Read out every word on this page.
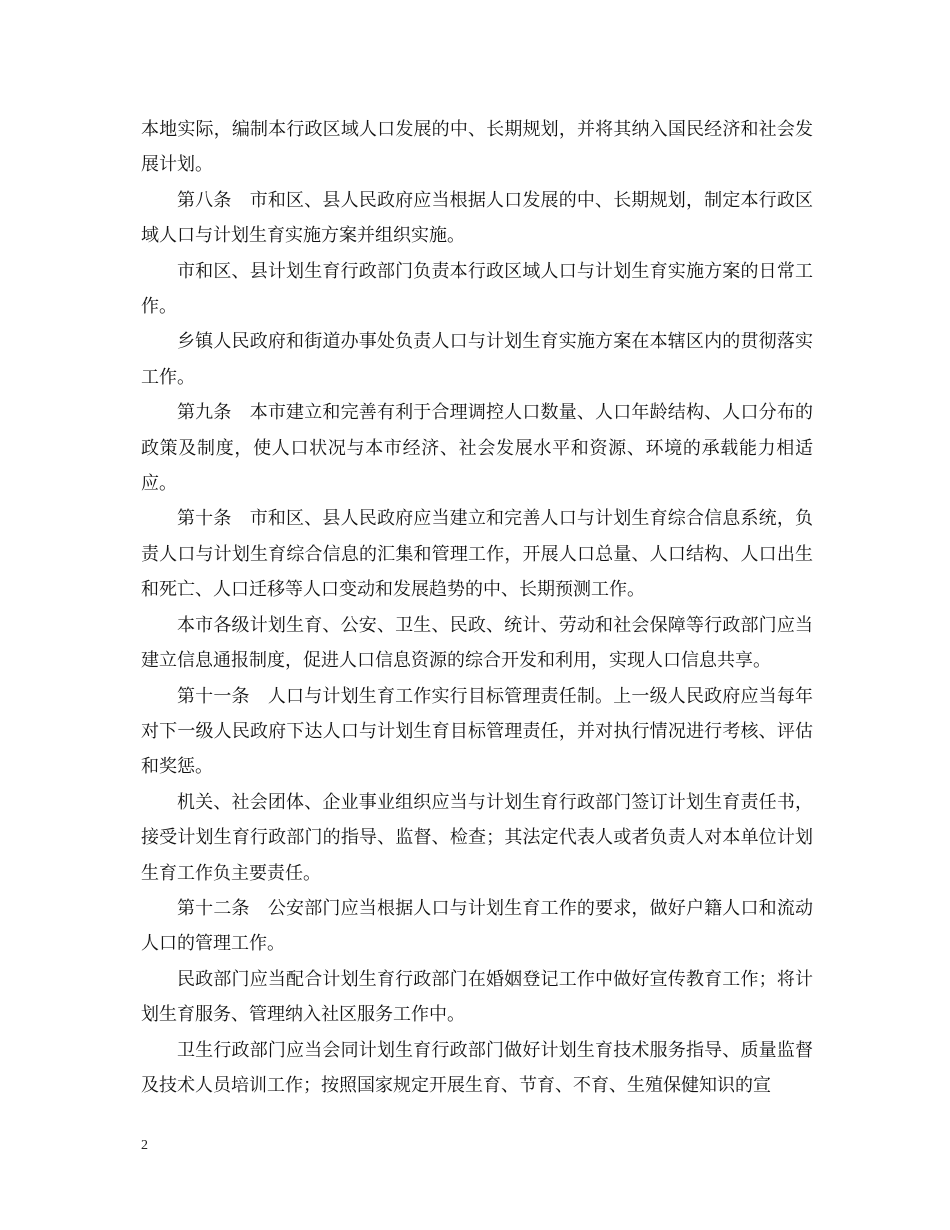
本地实际，编制本行政区域人口发展的中、长期规划，并将其纳入国民经济和社会发展计划。

第八条　市和区、县人民政府应当根据人口发展的中、长期规划，制定本行政区域人口与计划生育实施方案并组织实施。

市和区、县计划生育行政部门负责本行政区域人口与计划生育实施方案的日常工作。

乡镇人民政府和街道办事处负责人口与计划生育实施方案在本辖区内的贯彻落实工作。

第九条　本市建立和完善有利于合理调控人口数量、人口年龄结构、人口分布的政策及制度，使人口状况与本市经济、社会发展水平和资源、环境的承载能力相适应。

第十条　市和区、县人民政府应当建立和完善人口与计划生育综合信息系统，负责人口与计划生育综合信息的汇集和管理工作，开展人口总量、人口结构、人口出生和死亡、人口迁移等人口变动和发展趋势的中、长期预测工作。

本市各级计划生育、公安、卫生、民政、统计、劳动和社会保障等行政部门应当建立信息通报制度，促进人口信息资源的综合开发和利用，实现人口信息共享。

第十一条　人口与计划生育工作实行目标管理责任制。上一级人民政府应当每年对下一级人民政府下达人口与计划生育目标管理责任，并对执行情况进行考核、评估和奖惩。

机关、社会团体、企业事业组织应当与计划生育行政部门签订计划生育责任书，接受计划生育行政部门的指导、监督、检查；其法定代表人或者负责人对本单位计划生育工作负主要责任。

第十二条　公安部门应当根据人口与计划生育工作的要求，做好户籍人口和流动人口的管理工作。

民政部门应当配合计划生育行政部门在婚姻登记工作中做好宣传教育工作；将计划生育服务、管理纳入社区服务工作中。

卫生行政部门应当会同计划生育行政部门做好计划生育技术服务指导、质量监督及技术人员培训工作；按照国家规定开展生育、节育、不育、生殖保健知识的宣

2
